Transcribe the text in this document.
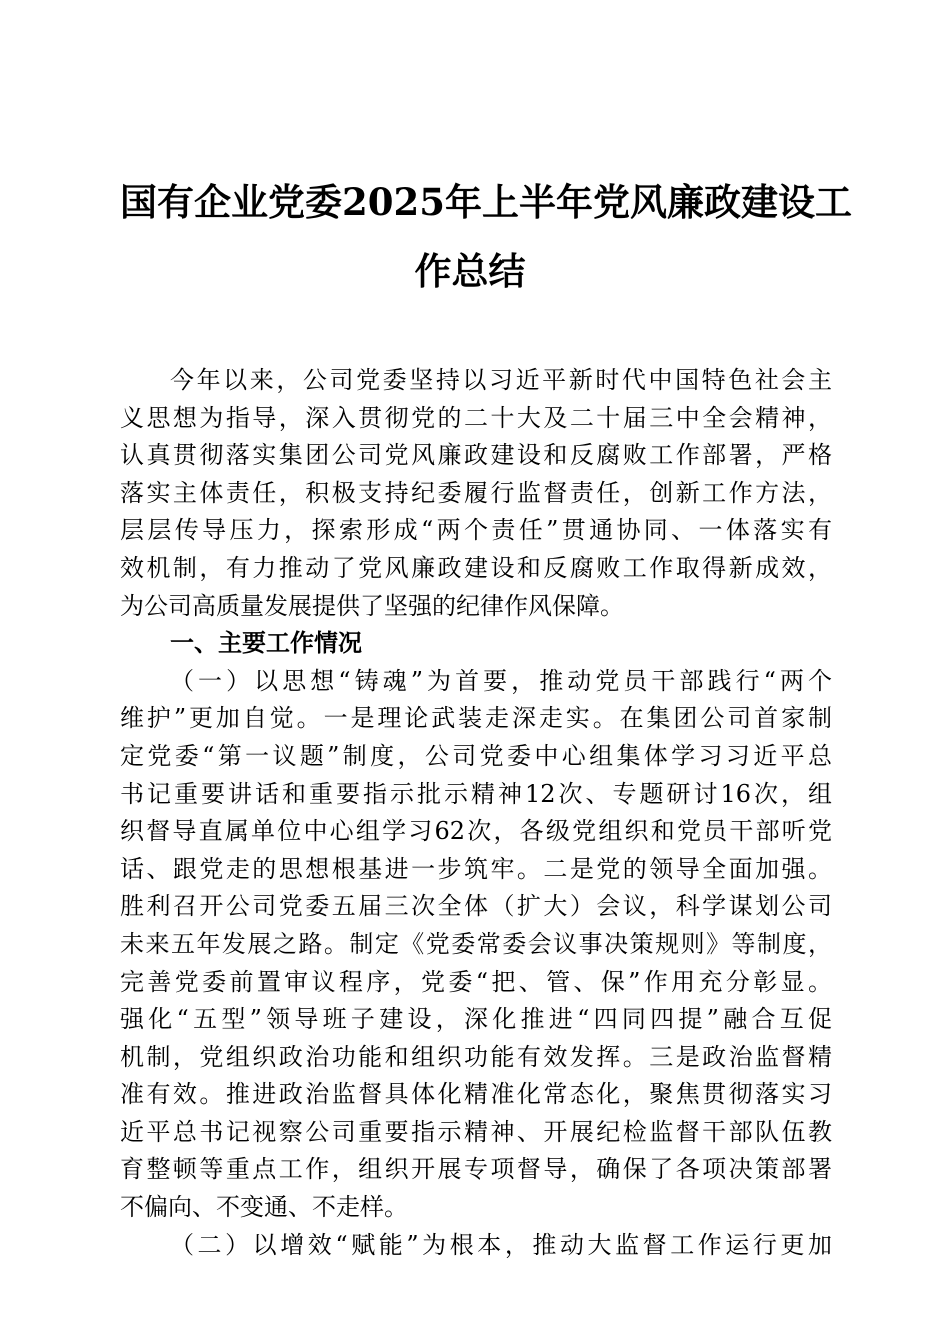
国有企业党委2025年上半年党风廉政建设工
作总结
今年以来，公司党委坚持以习近平新时代中国特色社会主
义思想为指导，深入贯彻党的二十大及二十届三中全会精神，
认真贯彻落实集团公司党风廉政建设和反腐败工作部署，严格
落实主体责任，积极支持纪委履行监督责任，创新工作方法，
层层传导压力，探索形成“两个责任”贯通协同、一体落实有
效机制，有力推动了党风廉政建设和反腐败工作取得新成效，
为公司高质量发展提供了坚强的纪律作风保障。
一、主要工作情况
（一）以思想“铸魂”为首要，推动党员干部践行“两个
维护”更加自觉。一是理论武装走深走实。在集团公司首家制
定党委“第一议题”制度，公司党委中心组集体学习习近平总
书记重要讲话和重要指示批示精神12次、专题研讨16次，组
织督导直属单位中心组学习62次，各级党组织和党员干部听党
话、跟党走的思想根基进一步筑牢。二是党的领导全面加强。
胜利召开公司党委五届三次全体（扩大）会议，科学谋划公司
未来五年发展之路。制定《党委常委会议事决策规则》等制度，
完善党委前置审议程序，党委“把、管、保”作用充分彰显。
强化“五型”领导班子建设，深化推进“四同四提”融合互促
机制，党组织政治功能和组织功能有效发挥。三是政治监督精
准有效。推进政治监督具体化精准化常态化，聚焦贯彻落实习
近平总书记视察公司重要指示精神、开展纪检监督干部队伍教
育整顿等重点工作，组织开展专项督导，确保了各项决策部署
不偏向、不变通、不走样。
（二）以增效“赋能”为根本，推动大监督工作运行更加
